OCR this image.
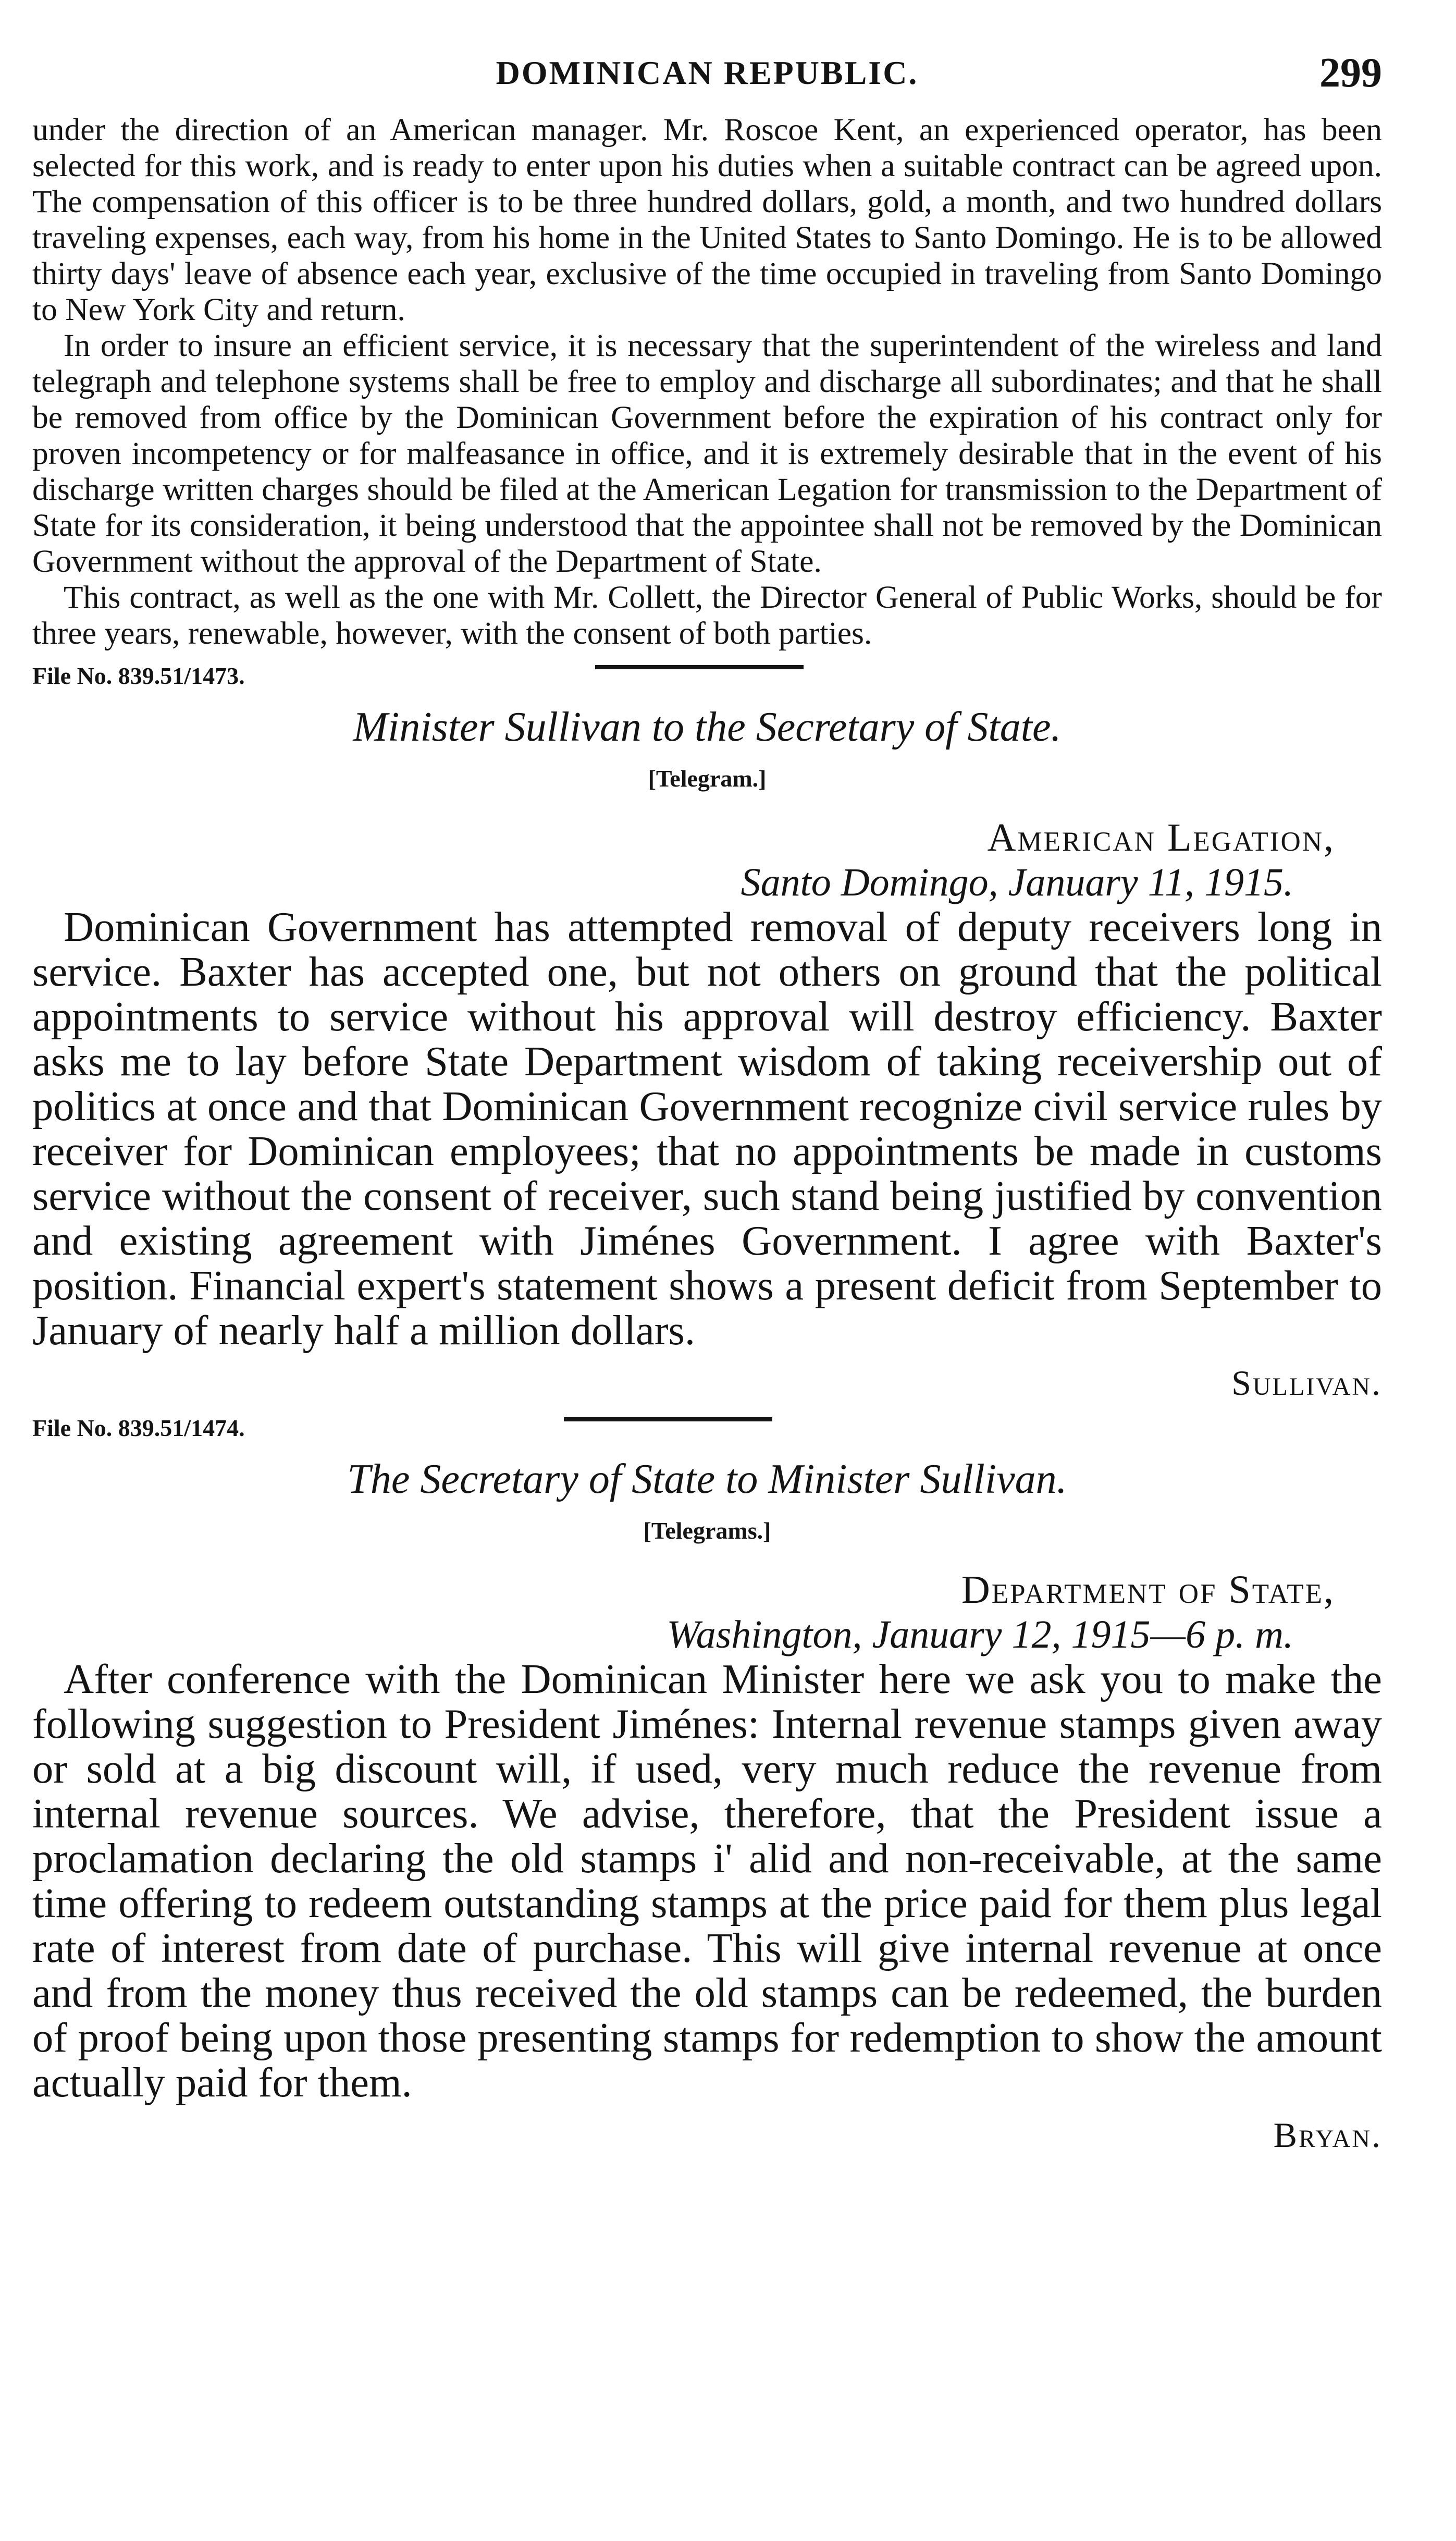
DOMINICAN REPUBLIC.	299

under the direction of an American manager. Mr. Roscoe Kent, an experienced operator, has been selected for this work, and is ready to enter upon his duties when a suitable contract can be agreed upon. The compensation of this officer is to be three hundred dollars, gold, a month, and two hundred dollars traveling expenses, each way, from his home in the United States to Santo Domingo. He is to be allowed thirty days' leave of absence each year, exclusive of the time occupied in traveling from Santo Domingo to New York City and return.

In order to insure an efficient service, it is necessary that the superintendent of the wireless and land telegraph and telephone systems shall be free to employ and discharge all subordinates; and that he shall be removed from office by the Dominican Government before the expiration of his contract only for proven incompetency or for malfeasance in office, and it is extremely desirable that in the event of his discharge written charges should be filed at the American Legation for transmission to the Department of State for its consideration, it being understood that the appointee shall not be removed by the Dominican Government without the approval of the Department of State.

This contract, as well as the one with Mr. Collett, the Director General of Public Works, should be for three years, renewable, however, with the consent of both parties.

File No. 839.51/1473.
Minister Sullivan to the Secretary of State.
[Telegram.]
American Legation,
Santo Domingo, January 11, 1915.

Dominican Government has attempted removal of deputy receivers long in service. Baxter has accepted one, but not others on ground that the political appointments to service without his approval will destroy efficiency. Baxter asks me to lay before State Department wisdom of taking receivership out of politics at once and that Dominican Government recognize civil service rules by receiver for Dominican employees; that no appointments be made in customs service without the consent of receiver, such stand being justified by convention and existing agreement with Jiménes Government. I agree with Baxter's position. Financial expert's statement shows a present deficit from September to January of nearly half a million dollars.

Sullivan.
File No. 839.51/1474.
The Secretary of State to Minister Sullivan.
[Telegrams.]
Department of State,
Washington, January 12, 1915—6 p. m.

After conference with the Dominican Minister here we ask you to make the following suggestion to President Jiménes: Internal revenue stamps given away or sold at a big discount will, if used, very much reduce the revenue from internal revenue sources. We advise, therefore, that the President issue a proclamation declaring the old stamps i' alid and non-receivable, at the same time offering to redeem outstanding stamps at the price paid for them plus legal rate of interest from date of purchase. This will give internal revenue at once and from the money thus received the old stamps can be redeemed, the burden of proof being upon those presenting stamps for redemption to show the amount actually paid for them.

Bryan.
